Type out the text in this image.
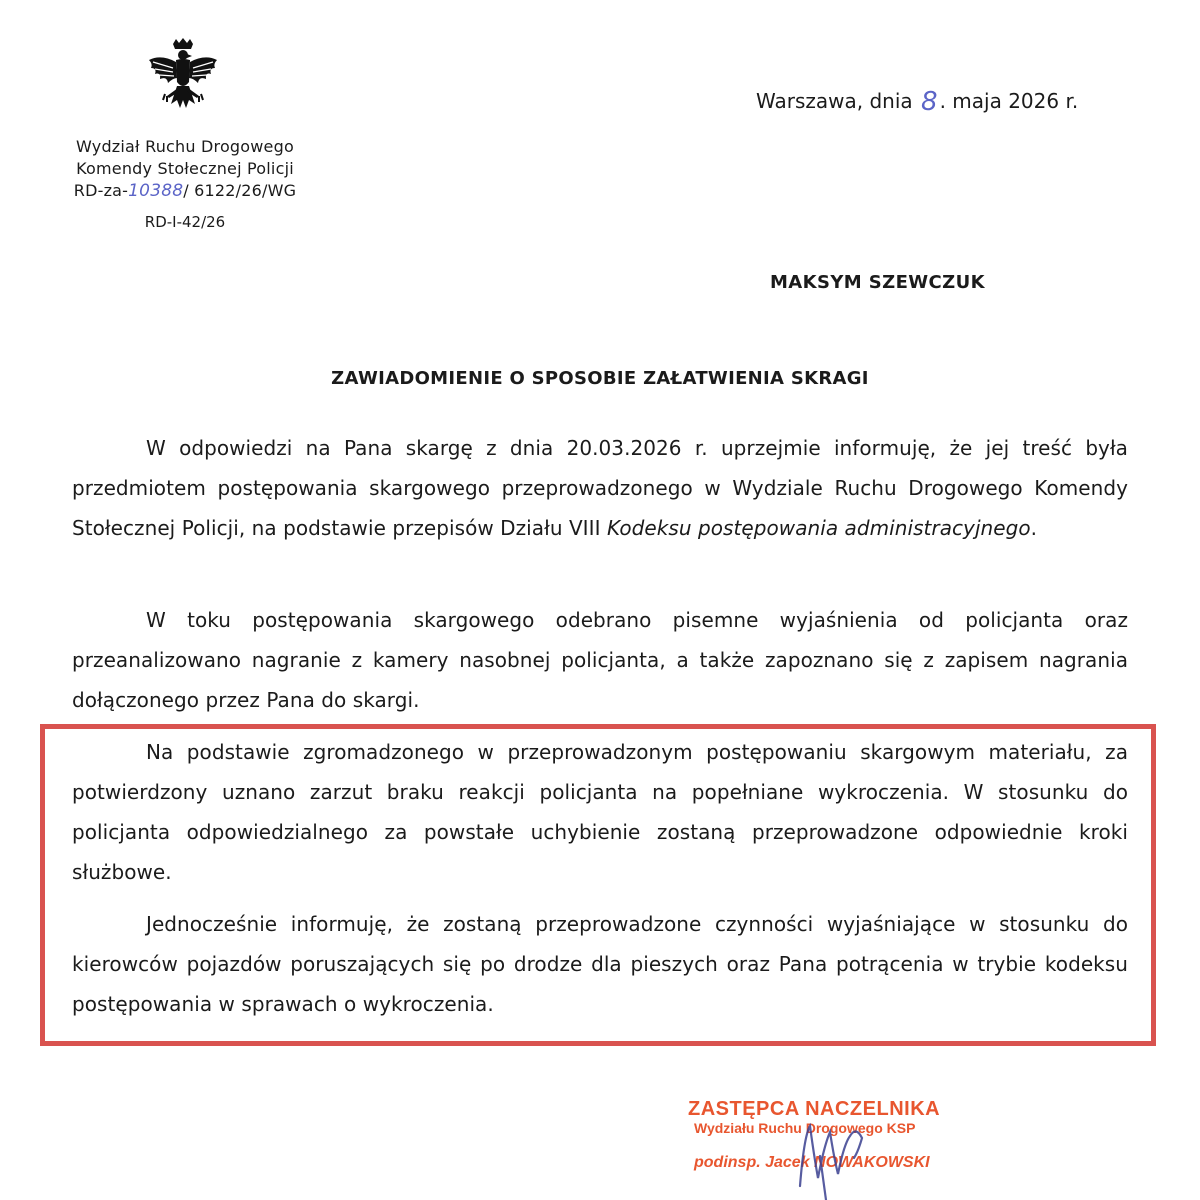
Wydział Ruchu Drogowego
Komendy Stołecznej Policji
RD-za-10388/ 6122/26/WG
RD-I-42/26
Warszawa, dnia 8 . maja 2026 r.
MAKSYM SZEWCZUK
ZAWIADOMIENIE O SPOSOBIE ZAŁATWIENIA SKRAGI
W odpowiedzi na Pana skargę z dnia 20.03.2026 r. uprzejmie informuję, że jej treść była przedmiotem postępowania skargowego przeprowadzonego w Wydziale Ruchu Drogowego Komendy Stołecznej Policji, na podstawie przepisów Działu VIII Kodeksu postępowania administracyjnego.
W toku postępowania skargowego odebrano pisemne wyjaśnienia od policjanta oraz przeanalizowano nagranie z kamery nasobnej policjanta, a także zapoznano się z zapisem nagrania dołączonego przez Pana do skargi.
Na podstawie zgromadzonego w przeprowadzonym postępowaniu skargowym materiału, za potwierdzony uznano zarzut braku reakcji policjanta na popełniane wykroczenia. W stosunku do policjanta odpowiedzialnego za powstałe uchybienie zostaną przeprowadzone odpowiednie kroki służbowe.
Jednocześnie informuję, że zostaną przeprowadzone czynności wyjaśniające w stosunku do kierowców pojazdów poruszających się po drodze dla pieszych oraz Pana potrącenia w trybie kodeksu postępowania w sprawach o wykroczenia.
ZASTĘPCA NACZELNIKA
Wydziału Ruchu Drogowego KSP
podinsp. Jacek NOWAKOWSKI
